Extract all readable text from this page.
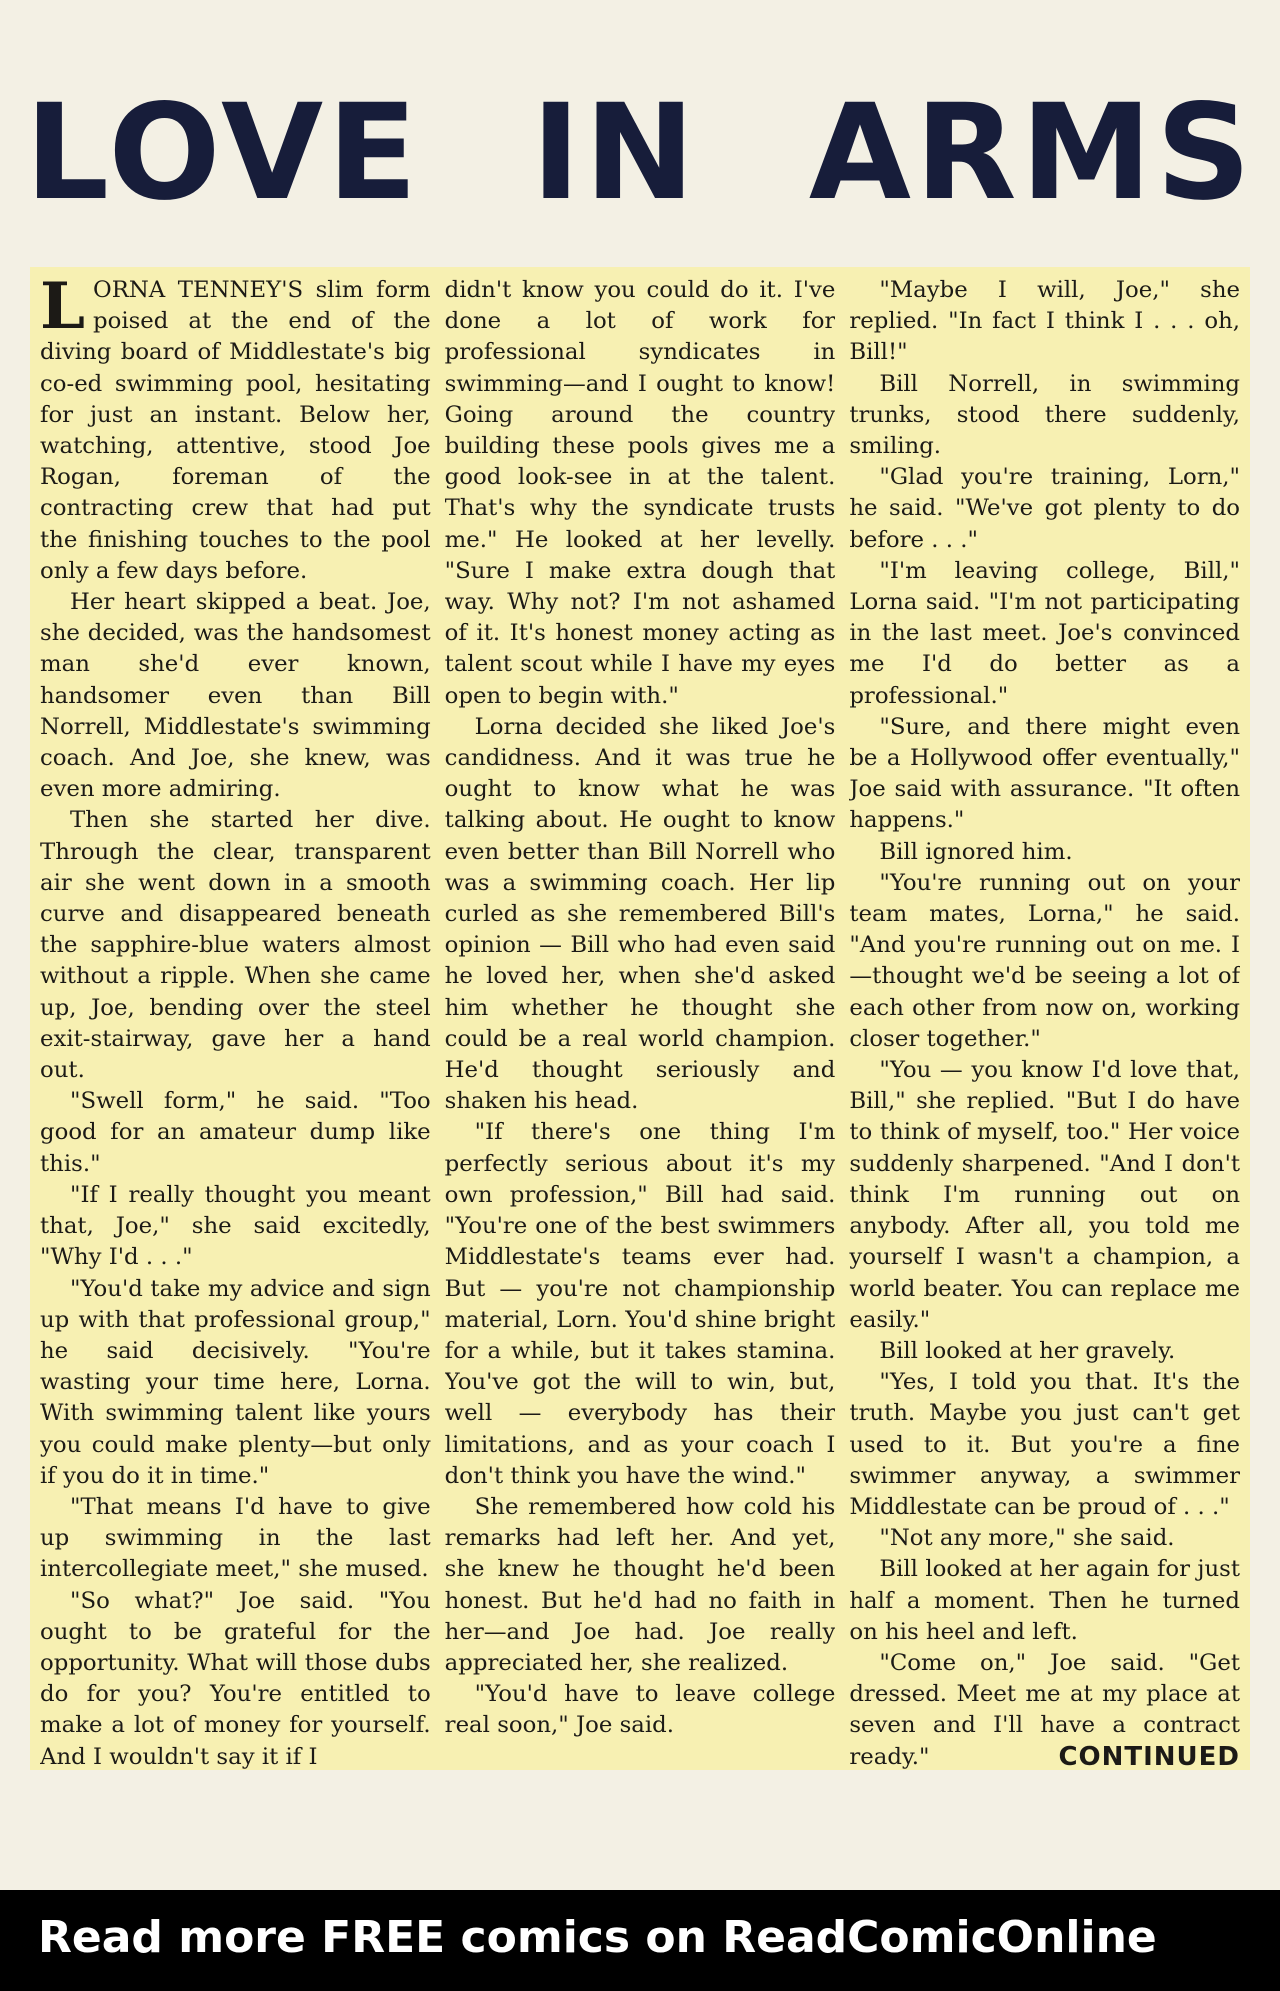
LOVE IN ARMS

LORNA TENNEY'S slim form poised at the end of the diving board of Middlestate's big co-ed swimming pool, hesitating for just an instant. Below her, watching, attentive, stood Joe Rogan, foreman of the contracting crew that had put the finishing touches to the pool only a few days before.

Her heart skipped a beat. Joe, she decided, was the handsomest man she'd ever known, handsomer even than Bill Norrell, Middlestate's swimming coach. And Joe, she knew, was even more admiring.

Then she started her dive. Through the clear, transparent air she went down in a smooth curve and disappeared beneath the sapphire-blue waters almost without a ripple. When she came up, Joe, bending over the steel exit-stairway, gave her a hand out.

"Swell form," he said. "Too good for an amateur dump like this."

"If I really thought you meant that, Joe," she said excitedly, "Why I'd . . ."

"You'd take my advice and sign up with that professional group," he said decisively. "You're wasting your time here, Lorna. With swimming talent like yours you could make plenty—but only if you do it in time."

"That means I'd have to give up swimming in the last intercollegiate meet," she mused.

"So what?" Joe said. "You ought to be grateful for the opportunity. What will those dubs do for you? You're entitled to make a lot of money for yourself. And I wouldn't say it if I

didn't know you could do it. I've done a lot of work for professional syndicates in swimming—and I ought to know! Going around the country building these pools gives me a good look-see in at the talent. That's why the syndicate trusts me." He looked at her levelly. "Sure I make extra dough that way. Why not? I'm not ashamed of it. It's honest money acting as talent scout while I have my eyes open to begin with."

Lorna decided she liked Joe's candidness. And it was true he ought to know what he was talking about. He ought to know even better than Bill Norrell who was a swimming coach. Her lip curled as she remembered Bill's opinion — Bill who had even said he loved her, when she'd asked him whether he thought she could be a real world champion. He'd thought seriously and shaken his head.

"If there's one thing I'm perfectly serious about it's my own profession," Bill had said. "You're one of the best swimmers Middlestate's teams ever had. But — you're not championship material, Lorn. You'd shine bright for a while, but it takes stamina. You've got the will to win, but, well — everybody has their limitations, and as your coach I don't think you have the wind."

She remembered how cold his remarks had left her. And yet, she knew he thought he'd been honest. But he'd had no faith in her—and Joe had. Joe really appreciated her, she realized.

"You'd have to leave college real soon," Joe said.

"Maybe I will, Joe," she replied. "In fact I think I . . . oh, Bill!"

Bill Norrell, in swimming trunks, stood there suddenly, smiling.

"Glad you're training, Lorn," he said. "We've got plenty to do before . . ."

"I'm leaving college, Bill," Lorna said. "I'm not participating in the last meet. Joe's convinced me I'd do better as a professional."

"Sure, and there might even be a Hollywood offer eventually," Joe said with assurance. "It often happens."

Bill ignored him.

"You're running out on your team mates, Lorna," he said. "And you're running out on me. I—thought we'd be seeing a lot of each other from now on, working closer together."

"You — you know I'd love that, Bill," she replied. "But I do have to think of myself, too." Her voice suddenly sharpened. "And I don't think I'm running out on anybody. After all, you told me yourself I wasn't a champion, a world beater. You can replace me easily."

Bill looked at her gravely.

"Yes, I told you that. It's the truth. Maybe you just can't get used to it. But you're a fine swimmer anyway, a swimmer Middlestate can be proud of . . ."

"Not any more," she said.

Bill looked at her again for just half a moment. Then he turned on his heel and left.

"Come on," Joe said. "Get dressed. Meet me at my place at seven and I'll have a contract ready."	CONTINUED

Read more FREE comics on ReadComicOnline
